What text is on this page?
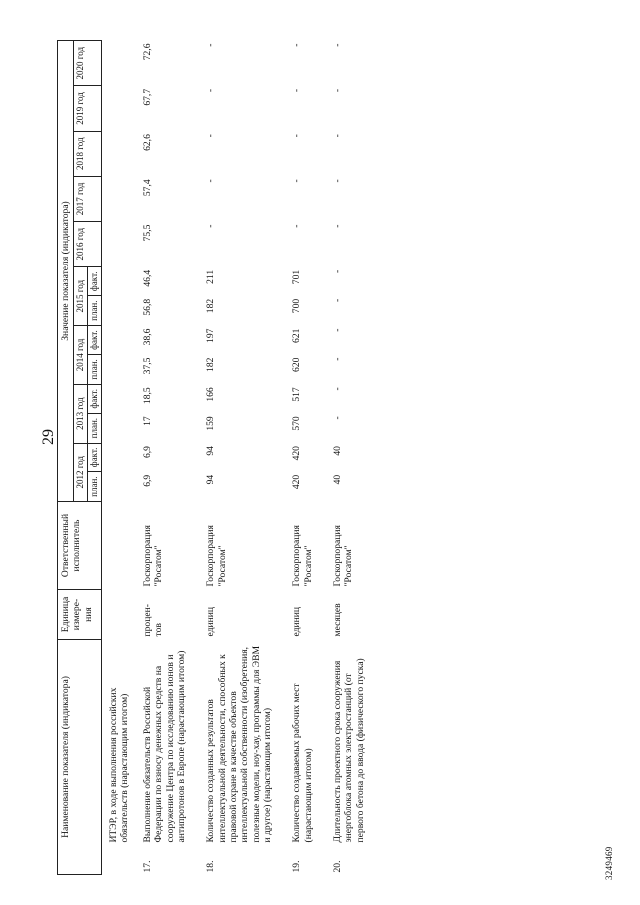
29
3249469
Наименование показателя (индикатора)		Единица измере-ния	Ответственный исполнитель	Значение показателя (индикатора)												
				2012 год		2013 год		2014 год		2015 год		2016 год	2017 год	2018 год	2019 год	2020 год
				план.	факт.	план.	факт.	план.	факт.	план.	факт.					
	ИТЭР, в ходе выполнения российских обязательств (нарастающим итогом)															
17.	Выполнение обязательств Российской Федерации по взносу денежных средств на сооружение Центра по исследованию ионов и антипротонов в Европе (нарастающим итогом)	процен-тов	Госкорпорация "Росатом"	6,9	6,9	17	18,5	37,5	38,6	56,8	46,4	75,5	57,4	62,6	67,7	72,6
18.	Количество созданных результатов интеллектуальной деятельности, способных к правовой охране в качестве объектов интеллектуальной собственности (изобретения, полезные модели, ноу-хау, программы для ЭВМ и другое) (нарастающим итогом)	единиц	Госкорпорация "Росатом"	94	94	159	166	182	197	182	211	-	-	-	-	-
19.	Количество создаваемых рабочих мест (нарастающим итогом)	единиц	Госкорпорация "Росатом"	420	420	570	517	620	621	700	701	-	-	-	-	-
20.	Длительность проектного срока сооружения энергоблока атомных электростанций (от первого бетона до ввода (физического пуска)	месяцев	Госкорпорация "Росатом"	40	40	-	-	-	-	-	-	-	-	-	-	-
